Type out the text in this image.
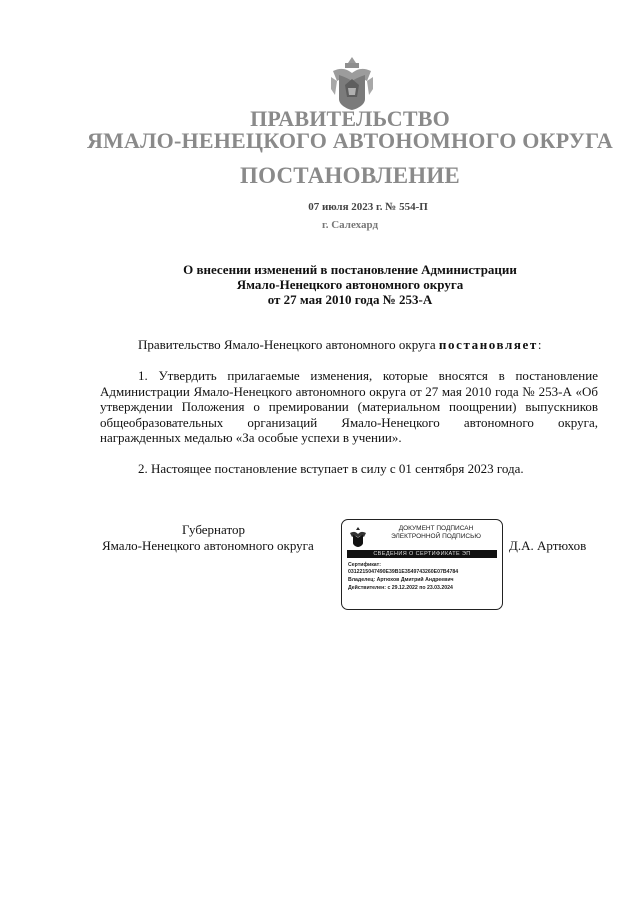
ПРАВИТЕЛЬСТВО
ЯМАЛО-НЕНЕЦКОГО АВТОНОМНОГО ОКРУГА
ПОСТАНОВЛЕНИЕ
07 июля 2023 г. № 554-П
г. Салехард
О внесении изменений в постановление Администрации
Ямало-Ненецкого автономного округа
от 27 мая 2010 года № 253-А
Правительство Ямало-Ненецкого автономного округа постановляет:
1. Утвердить прилагаемые изменения, которые вносятся в постановление Администрации Ямало-Ненецкого автономного округа от 27 мая 2010 года № 253-А «Об утверждении Положения о премировании (материальном поощрении) выпускников общеобразовательных организаций Ямало-Ненецкого автономного округа, награжденных медалью «За особые успехи в учении».
2. Настоящее постановление вступает в силу с 01 сентября 2023 года.
Губернатор
Ямало-Ненецкого автономного округа	Д.А. Артюхов
ДОКУМЕНТ ПОДПИСАН
ЭЛЕКТРОННОЙ ПОДПИСЬЮ
СВЕДЕНИЯ О СЕРТИФИКАТЕ ЭП
Сертификат:
0312215047490E39B1E3549743260E07B4784
Владелец: Артюхов Дмитрий Андреевич
Действителен: с 29.12.2022 по 23.03.2024
